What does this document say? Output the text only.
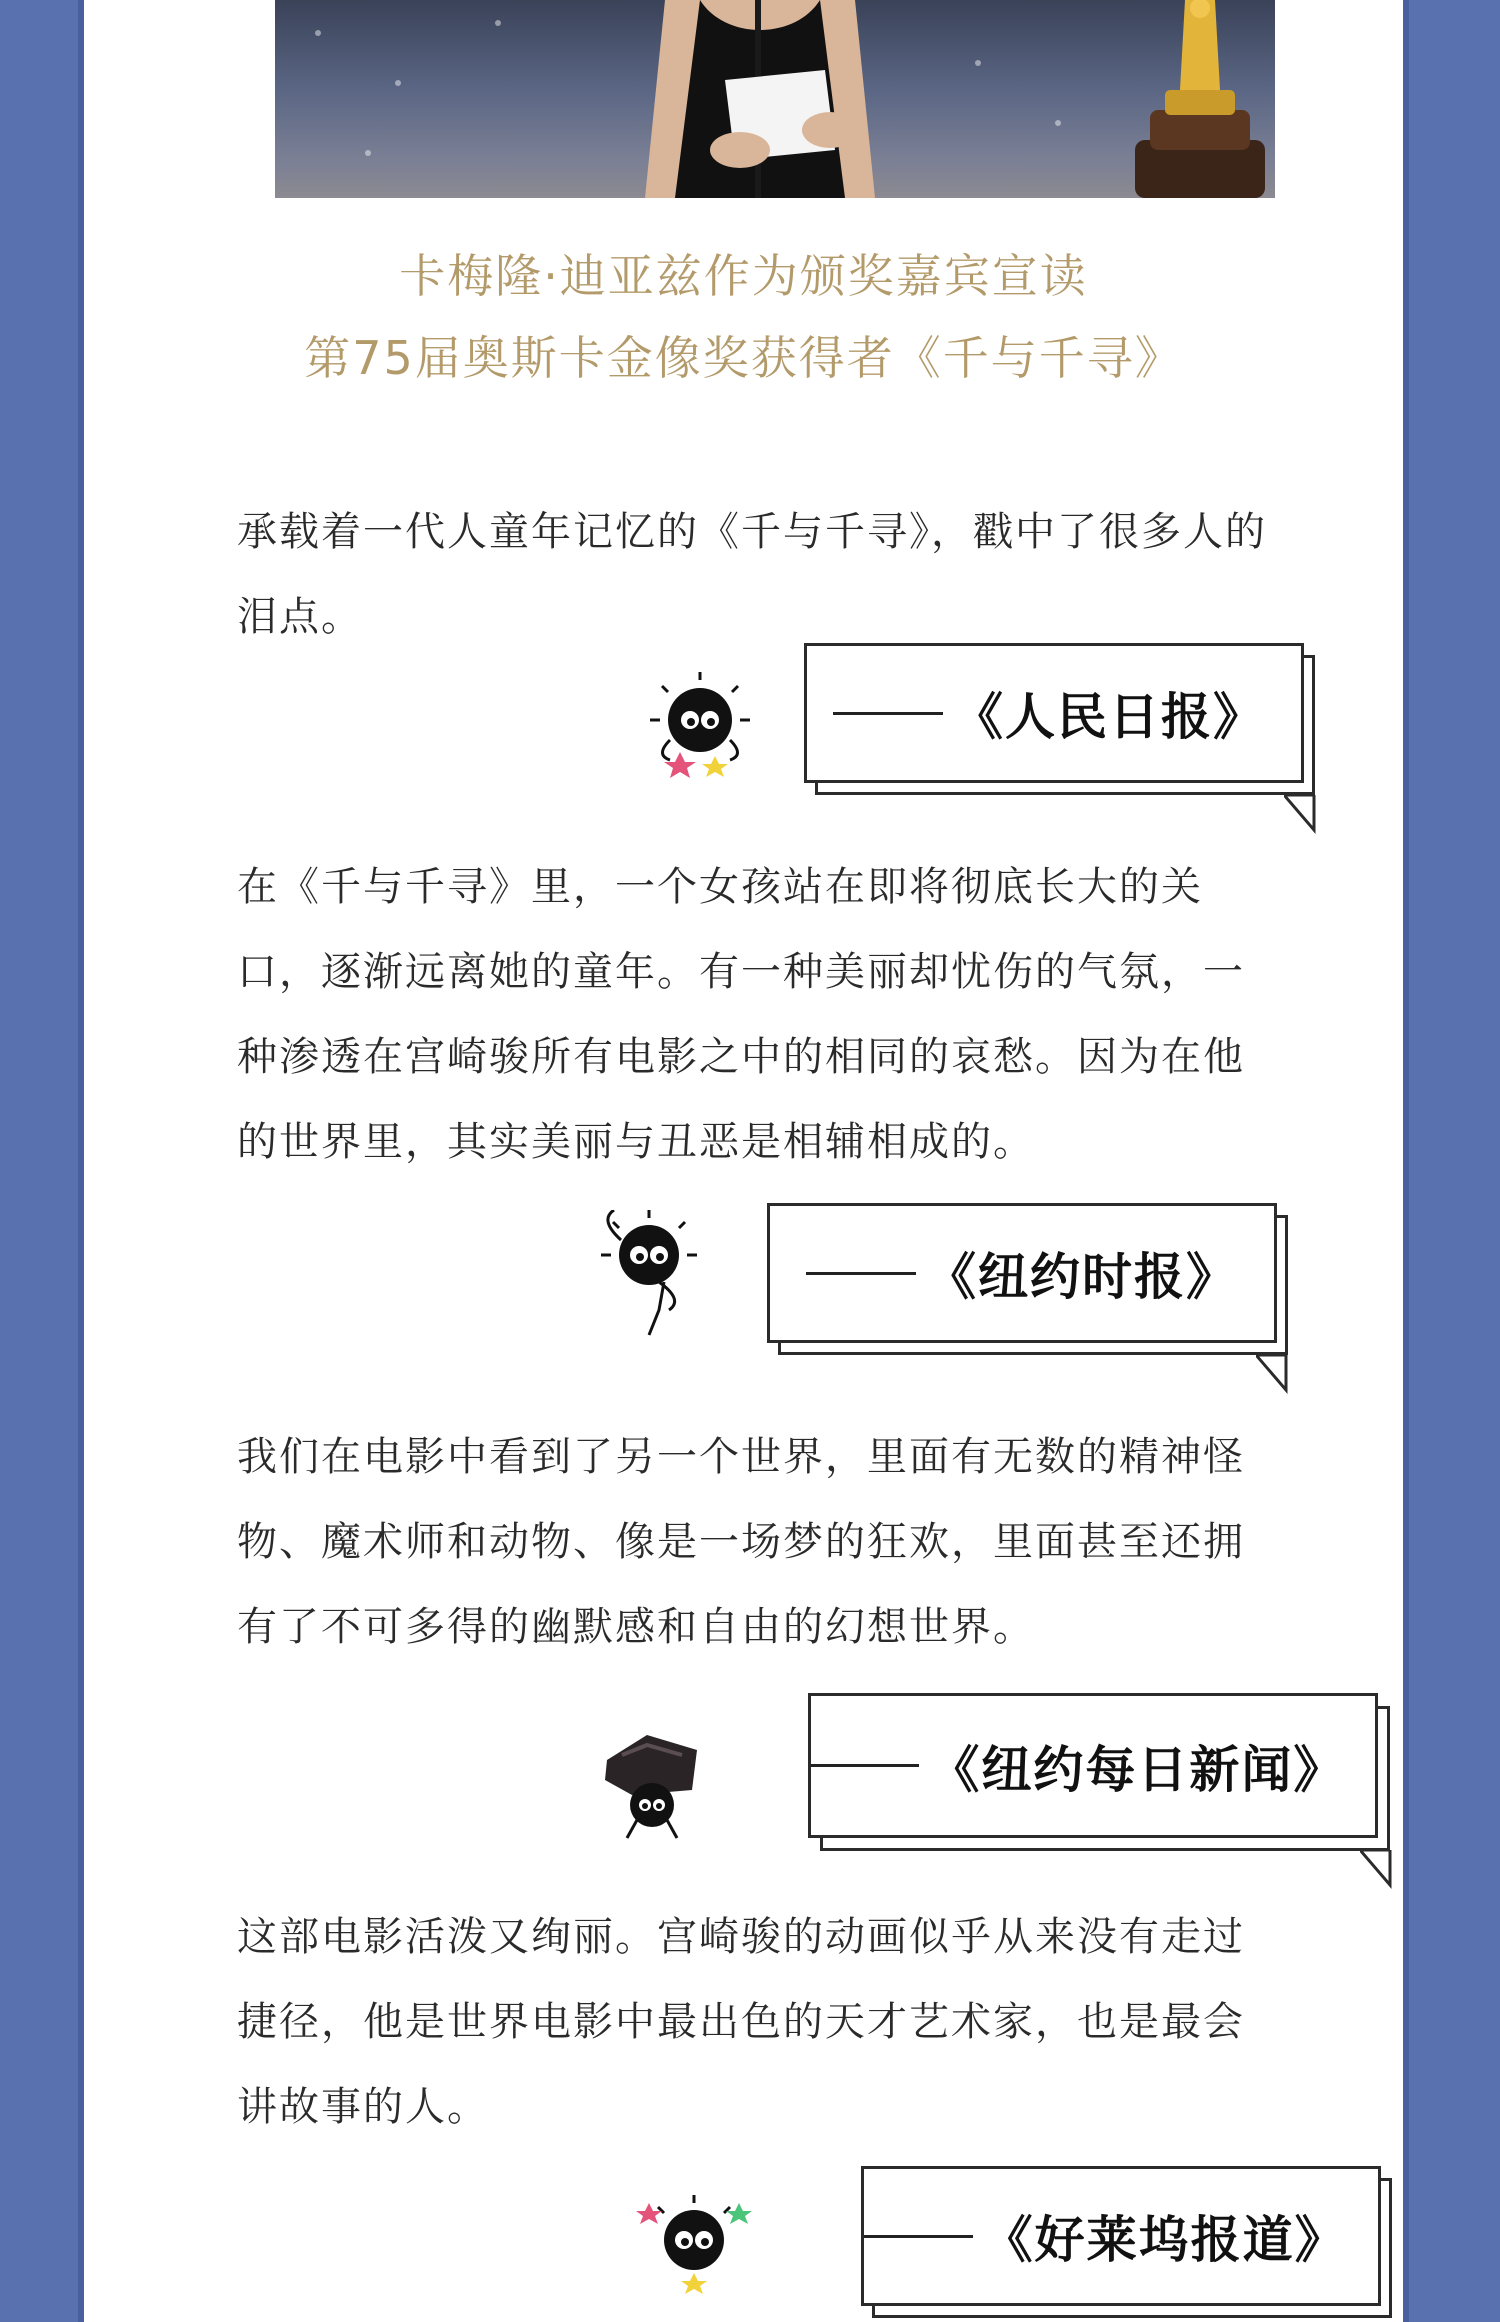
卡梅隆·迪亚兹作为颁奖嘉宾宣读

第75届奥斯卡金像奖获得者《千与千寻》

承载着一代人童年记忆的《千与千寻》，戳中了很多人的泪点。

《人民日报》

在《千与千寻》里，一个女孩站在即将彻底长大的关口，逐渐远离她的童年。有一种美丽却忧伤的气氛，一种渗透在宫崎骏所有电影之中的相同的哀愁。因为在他的世界里，其实美丽与丑恶是相辅相成的。

《纽约时报》

我们在电影中看到了另一个世界，里面有无数的精神怪物、魔术师和动物、像是一场梦的狂欢，里面甚至还拥有了不可多得的幽默感和自由的幻想世界。

《纽约每日新闻》

这部电影活泼又绚丽。宫崎骏的动画似乎从来没有走过捷径，他是世界电影中最出色的天才艺术家，也是最会讲故事的人。

《好莱坞报道》
